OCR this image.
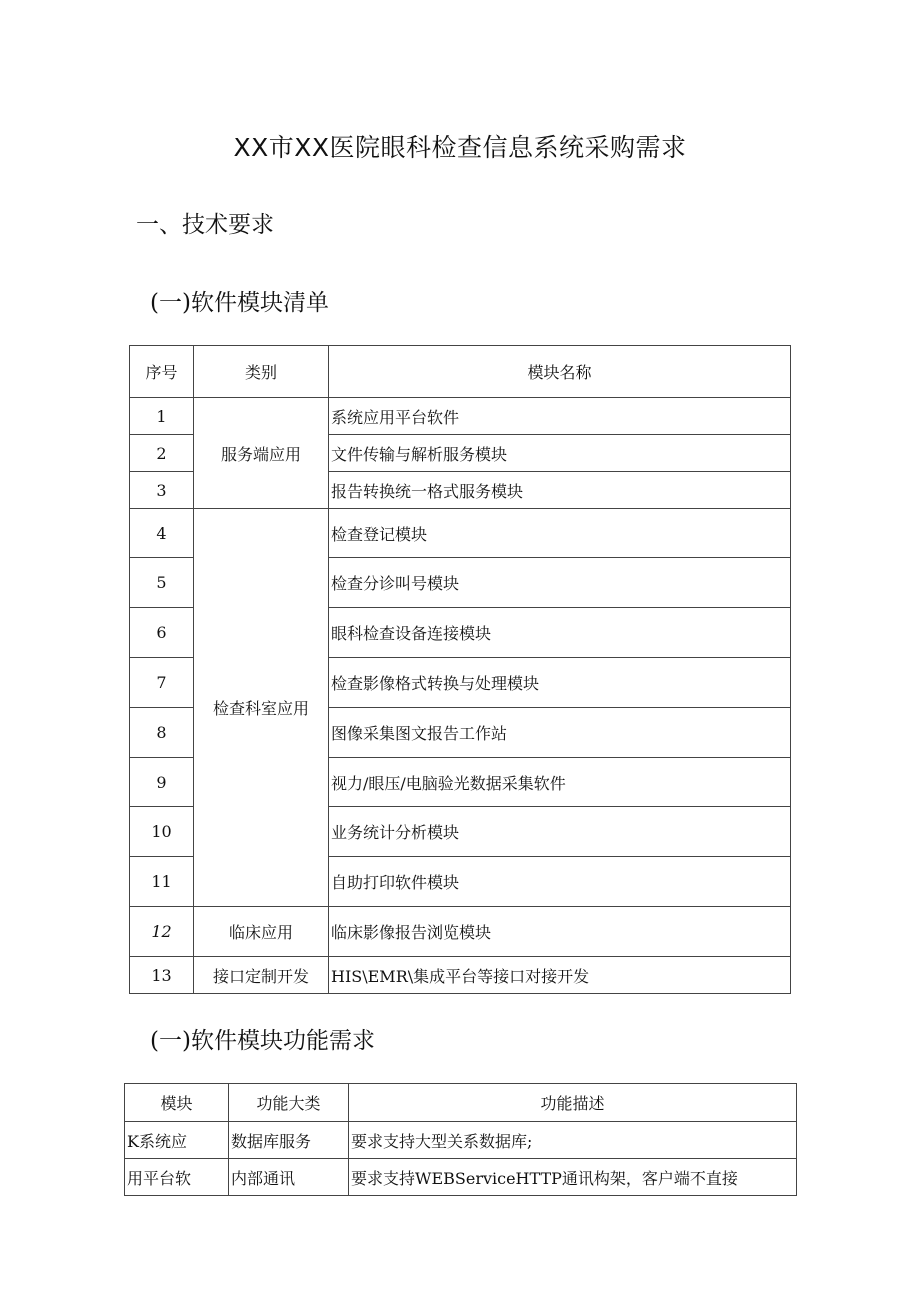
XX市XX医院眼科检查信息系统采购需求
一、技术要求
(一)软件模块清单
序号	类别	模块名称
1	服务端应用	系统应用平台软件
2		文件传输与解析服务模块
3		报告转换统一格式服务模块
4	检查科室应用	检查登记模块
5		检查分诊叫号模块
6		眼科检查设备连接模块
7		检查影像格式转换与处理模块
8		图像采集图文报告工作站
9		视力/眼压/电脑验光数据采集软件
10		业务统计分析模块
11		自助打印软件模块
12	临床应用	临床影像报告浏览模块
13	接口定制开发	HIS\EMR\集成平台等接口对接开发
(一)软件模块功能需求
模块	功能大类	功能描述
K系统应	数据库服务	要求支持大型关系数据库;
用平台软	内部通讯	要求支持WEBServiceHTTP通讯构架，客户端不直接
